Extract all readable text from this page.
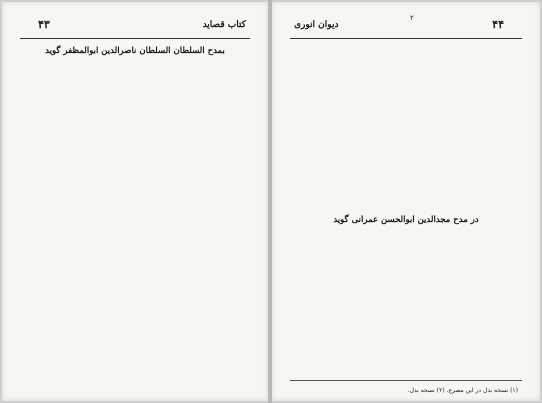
کتاب قصاید
۴۳
بمدح السلطان السلطان ناصرالدین ابوالمظفر گوید
۲
دیوان انوری	۴۴
در مدح مجدالدین ابوالحسن عمرانی گوید
(۱) نسخه بدل در این مصرع. (۲) نسخه بدل.
